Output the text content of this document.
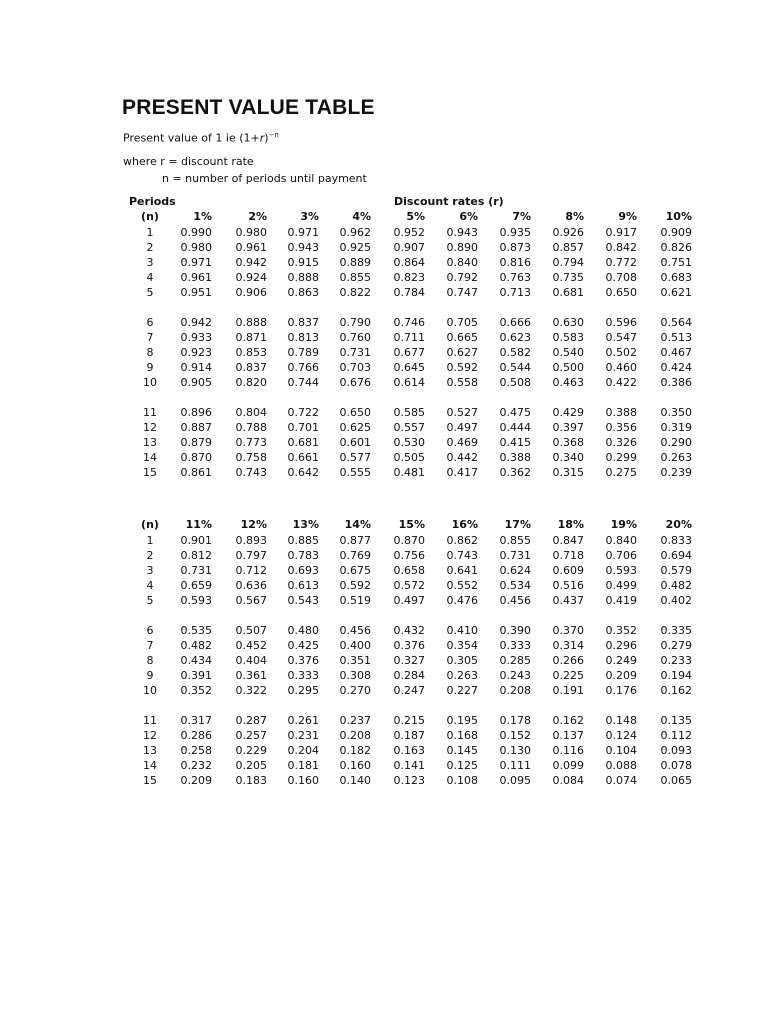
PRESENT VALUE TABLE
Present value of 1 ie $(1+r)^{-n}$
where r = discount rate
n = number of periods until payment
Periods	Discount rates (r)
(n)	1%	2%	3%	4%	5%	6%	7%	8%	9%	10%
1	0.990	0.980	0.971	0.962	0.952	0.943	0.935	0.926	0.917	0.909
2	0.980	0.961	0.943	0.925	0.907	0.890	0.873	0.857	0.842	0.826
3	0.971	0.942	0.915	0.889	0.864	0.840	0.816	0.794	0.772	0.751
4	0.961	0.924	0.888	0.855	0.823	0.792	0.763	0.735	0.708	0.683
5	0.951	0.906	0.863	0.822	0.784	0.747	0.713	0.681	0.650	0.621
6	0.942	0.888	0.837	0.790	0.746	0.705	0.666	0.630	0.596	0.564
7	0.933	0.871	0.813	0.760	0.711	0.665	0.623	0.583	0.547	0.513
8	0.923	0.853	0.789	0.731	0.677	0.627	0.582	0.540	0.502	0.467
9	0.914	0.837	0.766	0.703	0.645	0.592	0.544	0.500	0.460	0.424
10	0.905	0.820	0.744	0.676	0.614	0.558	0.508	0.463	0.422	0.386
11	0.896	0.804	0.722	0.650	0.585	0.527	0.475	0.429	0.388	0.350
12	0.887	0.788	0.701	0.625	0.557	0.497	0.444	0.397	0.356	0.319
13	0.879	0.773	0.681	0.601	0.530	0.469	0.415	0.368	0.326	0.290
14	0.870	0.758	0.661	0.577	0.505	0.442	0.388	0.340	0.299	0.263
15	0.861	0.743	0.642	0.555	0.481	0.417	0.362	0.315	0.275	0.239
(n)	11%	12%	13%	14%	15%	16%	17%	18%	19%	20%
1	0.901	0.893	0.885	0.877	0.870	0.862	0.855	0.847	0.840	0.833
2	0.812	0.797	0.783	0.769	0.756	0.743	0.731	0.718	0.706	0.694
3	0.731	0.712	0.693	0.675	0.658	0.641	0.624	0.609	0.593	0.579
4	0.659	0.636	0.613	0.592	0.572	0.552	0.534	0.516	0.499	0.482
5	0.593	0.567	0.543	0.519	0.497	0.476	0.456	0.437	0.419	0.402
6	0.535	0.507	0.480	0.456	0.432	0.410	0.390	0.370	0.352	0.335
7	0.482	0.452	0.425	0.400	0.376	0.354	0.333	0.314	0.296	0.279
8	0.434	0.404	0.376	0.351	0.327	0.305	0.285	0.266	0.249	0.233
9	0.391	0.361	0.333	0.308	0.284	0.263	0.243	0.225	0.209	0.194
10	0.352	0.322	0.295	0.270	0.247	0.227	0.208	0.191	0.176	0.162
11	0.317	0.287	0.261	0.237	0.215	0.195	0.178	0.162	0.148	0.135
12	0.286	0.257	0.231	0.208	0.187	0.168	0.152	0.137	0.124	0.112
13	0.258	0.229	0.204	0.182	0.163	0.145	0.130	0.116	0.104	0.093
14	0.232	0.205	0.181	0.160	0.141	0.125	0.111	0.099	0.088	0.078
15	0.209	0.183	0.160	0.140	0.123	0.108	0.095	0.084	0.074	0.065
